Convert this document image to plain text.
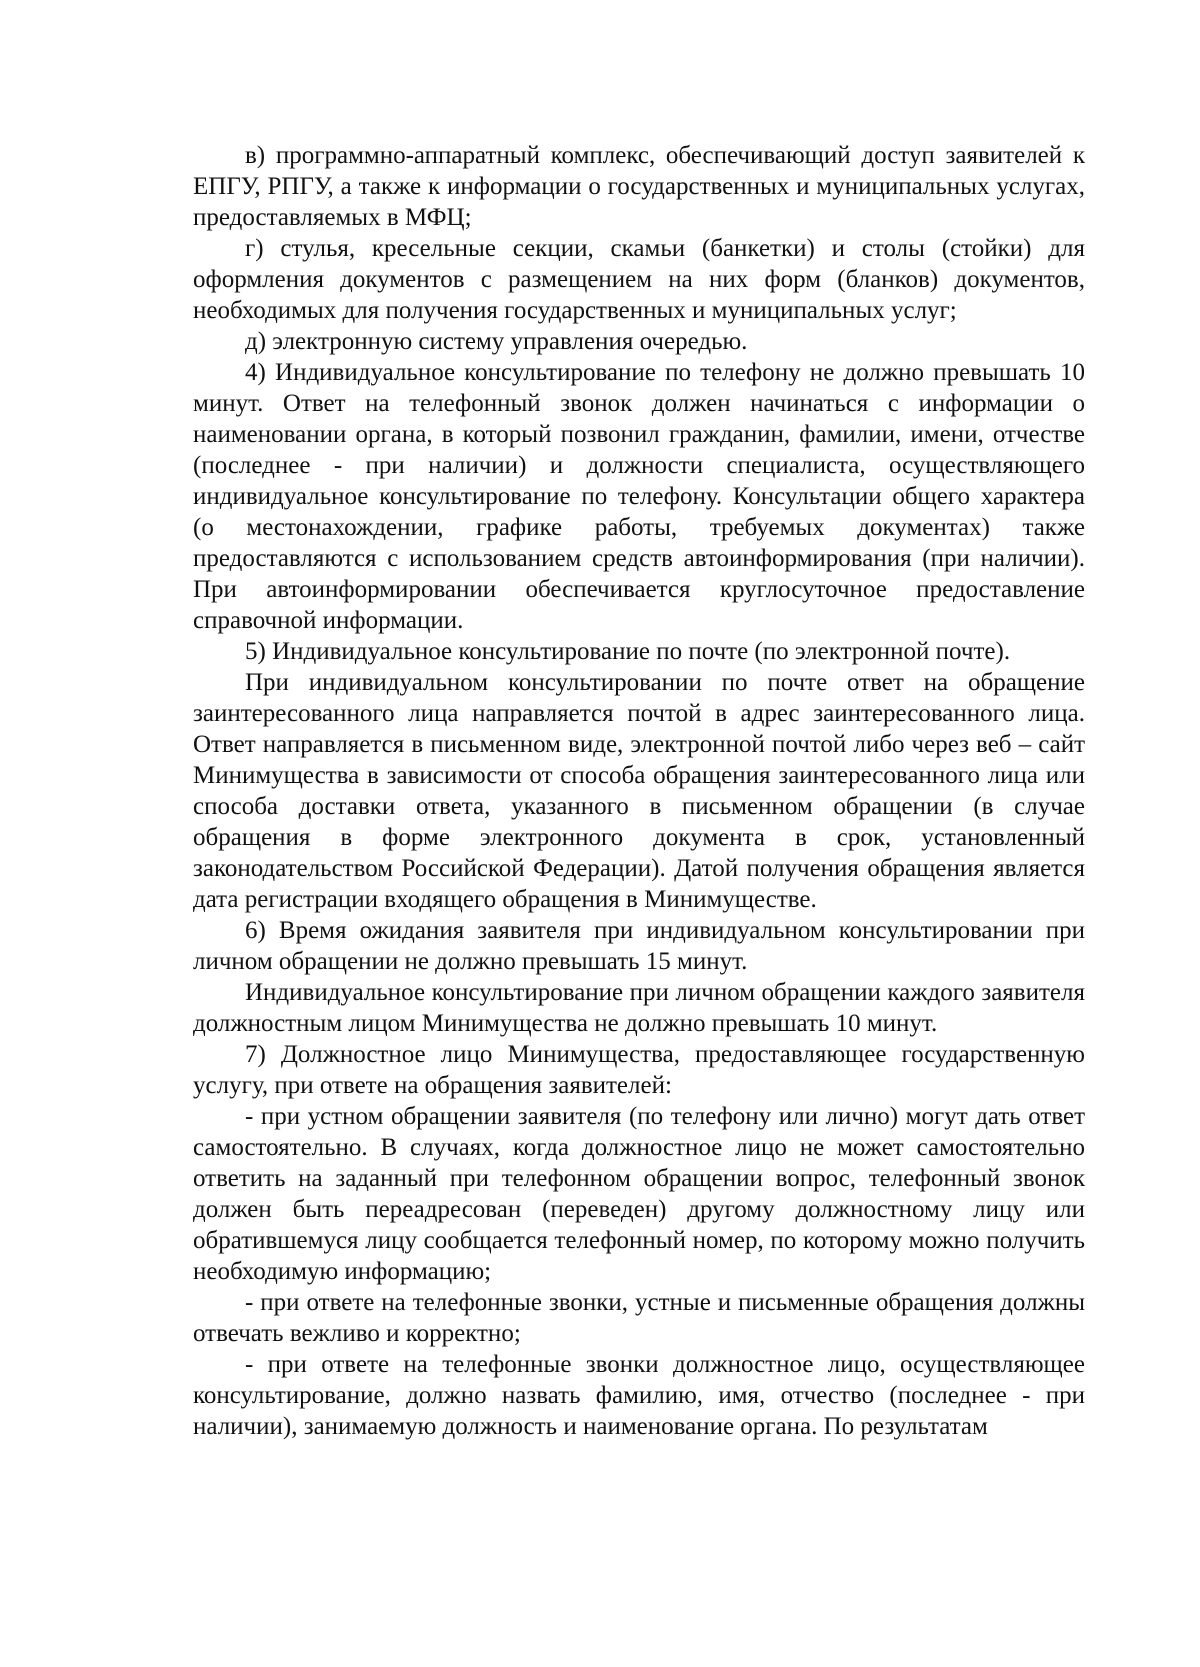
в) программно-аппаратный комплекс, обеспечивающий доступ заявителей к ЕПГУ, РПГУ, а также к информации о государственных и муниципальных услугах, предоставляемых в МФЦ;

г) стулья, кресельные секции, скамьи (банкетки) и столы (стойки) для оформления документов с размещением на них форм (бланков) документов, необходимых для получения государственных и муниципальных услуг;

д) электронную систему управления очередью.

4) Индивидуальное консультирование по телефону не должно превышать 10 минут. Ответ на телефонный звонок должен начинаться с информации о наименовании органа, в который позвонил гражданин, фамилии, имени, отчестве (последнее - при наличии) и должности специалиста, осуществляющего индивидуальное консультирование по телефону. Консультации общего характера (о местонахождении, графике работы, требуемых документах) также предоставляются с использованием средств автоинформирования (при наличии). При автоинформировании обеспечивается круглосуточное предоставление справочной информации.

5) Индивидуальное консультирование по почте (по электронной почте).

При индивидуальном консультировании по почте ответ на обращение заинтересованного лица направляется почтой в адрес заинтересованного лица. Ответ направляется в письменном виде, электронной почтой либо через веб – сайт Минимущества в зависимости от способа обращения заинтересованного лица или способа доставки ответа, указанного в письменном обращении (в случае обращения в форме электронного документа в срок, установленный законодательством Российской Федерации). Датой получения обращения является дата регистрации входящего обращения в Минимуществе.

6) Время ожидания заявителя при индивидуальном консультировании при личном обращении не должно превышать 15 минут.

Индивидуальное консультирование при личном обращении каждого заявителя должностным лицом Минимущества не должно превышать 10 минут.

7) Должностное лицо Минимущества, предоставляющее государственную услугу, при ответе на обращения заявителей:

- при устном обращении заявителя (по телефону или лично) могут дать ответ самостоятельно. В случаях, когда должностное лицо не может самостоятельно ответить на заданный при телефонном обращении вопрос, телефонный звонок должен быть переадресован (переведен) другому должностному лицу или обратившемуся лицу сообщается телефонный номер, по которому можно получить необходимую информацию;

- при ответе на телефонные звонки, устные и письменные обращения должны отвечать вежливо и корректно;

- при ответе на телефонные звонки должностное лицо, осуществляющее консультирование, должно назвать фамилию, имя, отчество (последнее - при наличии), занимаемую должность и наименование органа. По результатам
